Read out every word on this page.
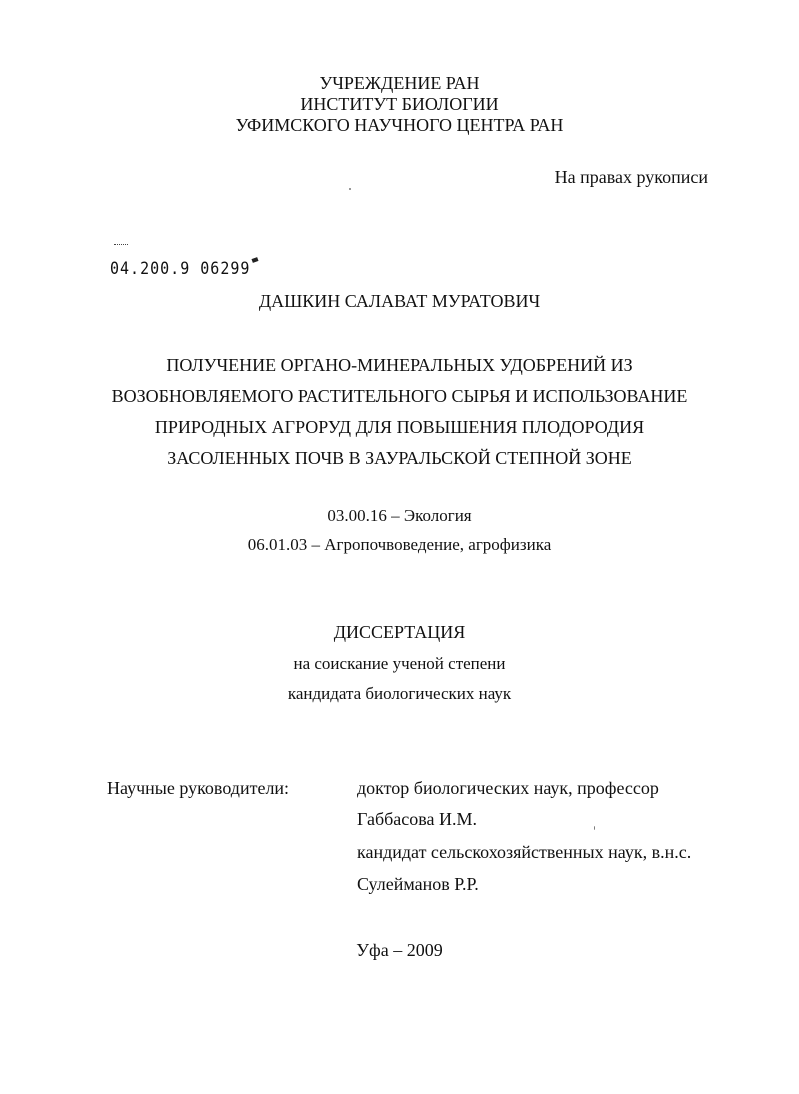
УЧРЕЖДЕНИЕ РАН
ИНСТИТУТ БИОЛОГИИ
УФИМСКОГО НАУЧНОГО ЦЕНТРА РАН
На правах рукописи
04.200.9 06299
ДАШКИН САЛАВАТ МУРАТОВИЧ
ПОЛУЧЕНИЕ ОРГАНО-МИНЕРАЛЬНЫХ УДОБРЕНИЙ ИЗ
ВОЗОБНОВЛЯЕМОГО РАСТИТЕЛЬНОГО СЫРЬЯ И ИСПОЛЬЗОВАНИЕ
ПРИРОДНЫХ АГРОРУД ДЛЯ ПОВЫШЕНИЯ ПЛОДОРОДИЯ
ЗАСОЛЕННЫХ ПОЧВ В ЗАУРАЛЬСКОЙ СТЕПНОЙ ЗОНЕ
03.00.16 – Экология
06.01.03 – Агропочвоведение, агрофизика
ДИССЕРТАЦИЯ
на соискание ученой степени
кандидата биологических наук
Научные руководители:	доктор биологических наук, профессор
Габбасова И.М.
кандидат сельскохозяйственных наук, в.н.с.
Сулейманов Р.Р.
Уфа – 2009
